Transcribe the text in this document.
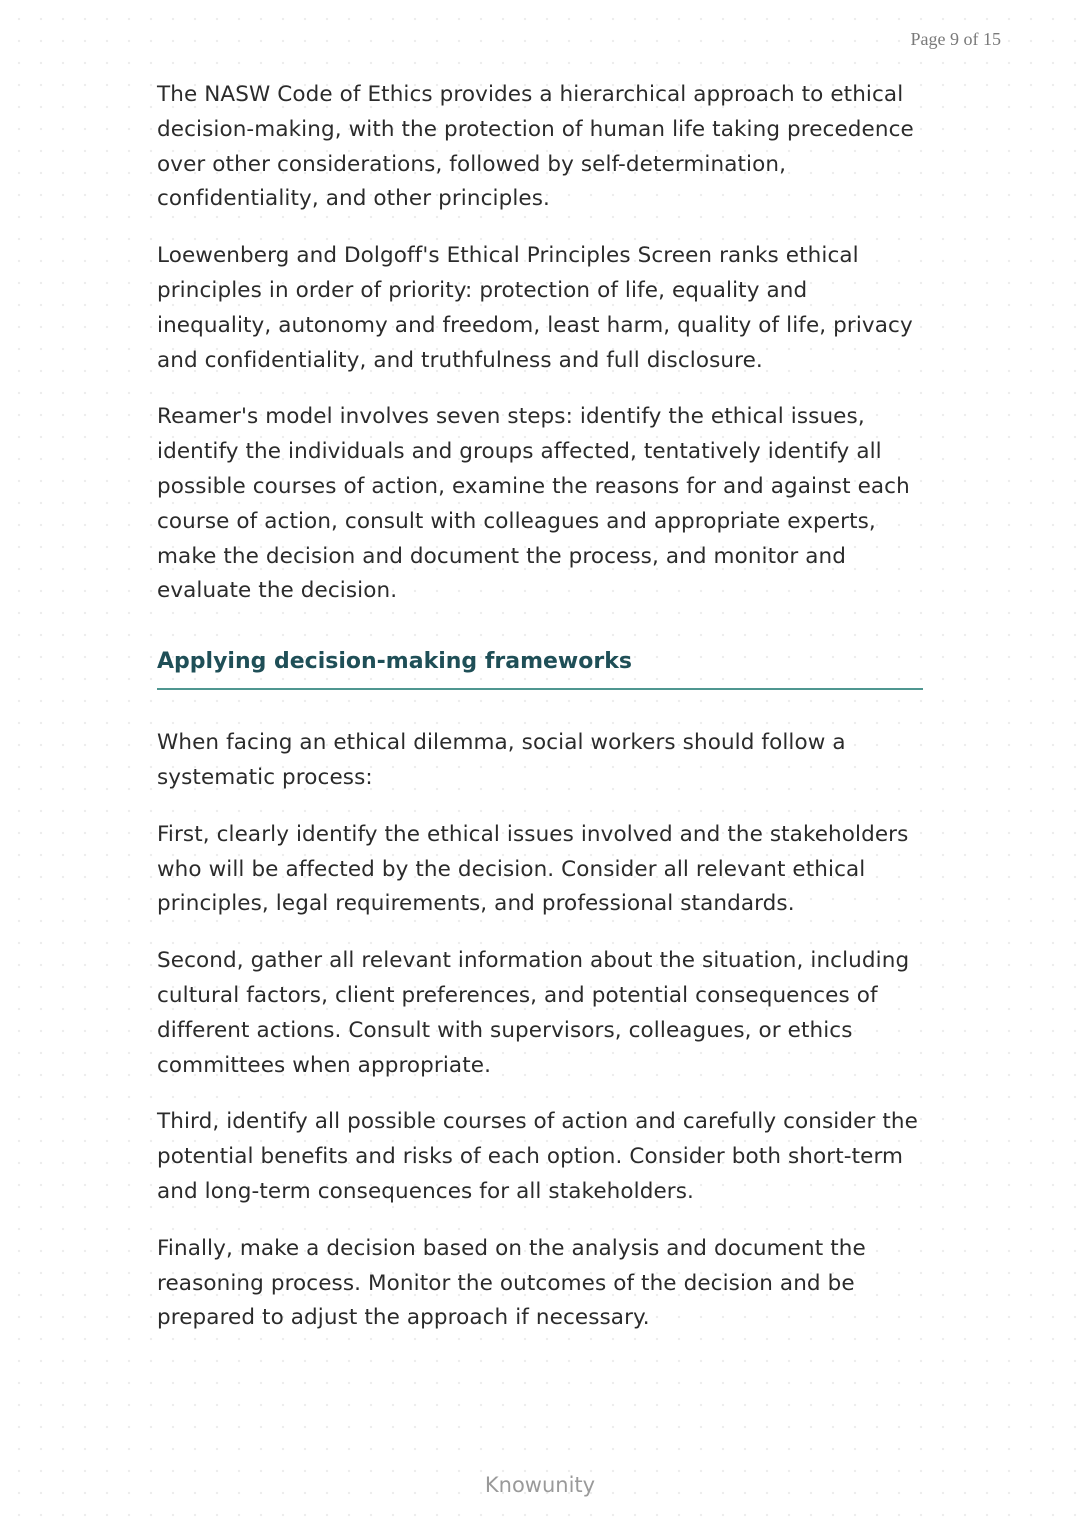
Page 9 of 15

The NASW Code of Ethics provides a hierarchical approach to ethical decision-making, with the protection of human life taking precedence over other considerations, followed by self-determination, confidentiality, and other principles.

Loewenberg and Dolgoff's Ethical Principles Screen ranks ethical principles in order of priority: protection of life, equality and inequality, autonomy and freedom, least harm, quality of life, privacy and confidentiality, and truthfulness and full disclosure.

Reamer's model involves seven steps: identify the ethical issues, identify the individuals and groups affected, tentatively identify all possible courses of action, examine the reasons for and against each course of action, consult with colleagues and appropriate experts, make the decision and document the process, and monitor and evaluate the decision.

Applying decision-making frameworks

When facing an ethical dilemma, social workers should follow a systematic process:

First, clearly identify the ethical issues involved and the stakeholders who will be affected by the decision. Consider all relevant ethical principles, legal requirements, and professional standards.

Second, gather all relevant information about the situation, including cultural factors, client preferences, and potential consequences of different actions. Consult with supervisors, colleagues, or ethics committees when appropriate.

Third, identify all possible courses of action and carefully consider the potential benefits and risks of each option. Consider both short-term and long-term consequences for all stakeholders.

Finally, make a decision based on the analysis and document the reasoning process. Monitor the outcomes of the decision and be prepared to adjust the approach if necessary.

Knowunity
